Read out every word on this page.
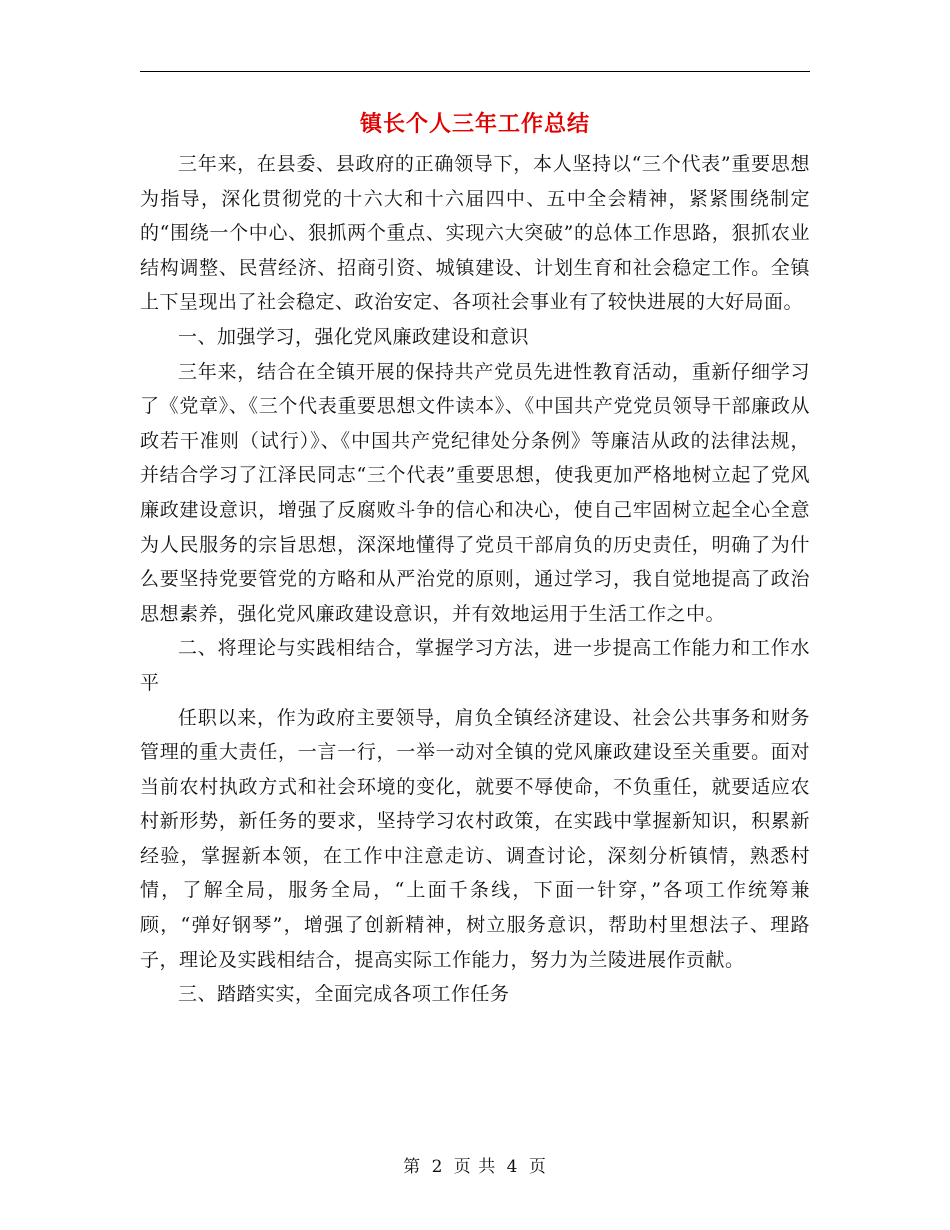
镇长个人三年工作总结

三年来，在县委、县政府的正确领导下，本人坚持以“三个代表”重要思想为指导，深化贯彻党的十六大和十六届四中、五中全会精神，紧紧围绕制定的“围绕一个中心、狠抓两个重点、实现六大突破”的总体工作思路，狠抓农业结构调整、民营经济、招商引资、城镇建设、计划生育和社会稳定工作。全镇上下呈现出了社会稳定、政治安定、各项社会事业有了较快进展的大好局面。

一、加强学习，强化党风廉政建设和意识

三年来，结合在全镇开展的保持共产党员先进性教育活动，重新仔细学习了《党章》、《三个代表重要思想文件读本》、《中国共产党党员领导干部廉政从政若干准则（试行）》、《中国共产党纪律处分条例》等廉洁从政的法律法规，并结合学习了江泽民同志“三个代表”重要思想，使我更加严格地树立起了党风廉政建设意识，增强了反腐败斗争的信心和决心，使自己牢固树立起全心全意为人民服务的宗旨思想，深深地懂得了党员干部肩负的历史责任，明确了为什么要坚持党要管党的方略和从严治党的原则，通过学习，我自觉地提高了政治思想素养，强化党风廉政建设意识，并有效地运用于生活工作之中。

二、将理论与实践相结合，掌握学习方法，进一步提高工作能力和工作水平

任职以来，作为政府主要领导，肩负全镇经济建设、社会公共事务和财务管理的重大责任，一言一行，一举一动对全镇的党风廉政建设至关重要。面对当前农村执政方式和社会环境的变化，就要不辱使命，不负重任，就要适应农村新形势，新任务的要求，坚持学习农村政策，在实践中掌握新知识，积累新经验，掌握新本领，在工作中注意走访、调查讨论，深刻分析镇情，熟悉村情，了解全局，服务全局，“上面千条线，下面一针穿，”各项工作统筹兼顾，“弹好钢琴”，增强了创新精神，树立服务意识，帮助村里想法子、理路子，理论及实践相结合，提高实际工作能力，努力为兰陵进展作贡献。

三、踏踏实实，全面完成各项工作任务

第 2 页 共 4 页
